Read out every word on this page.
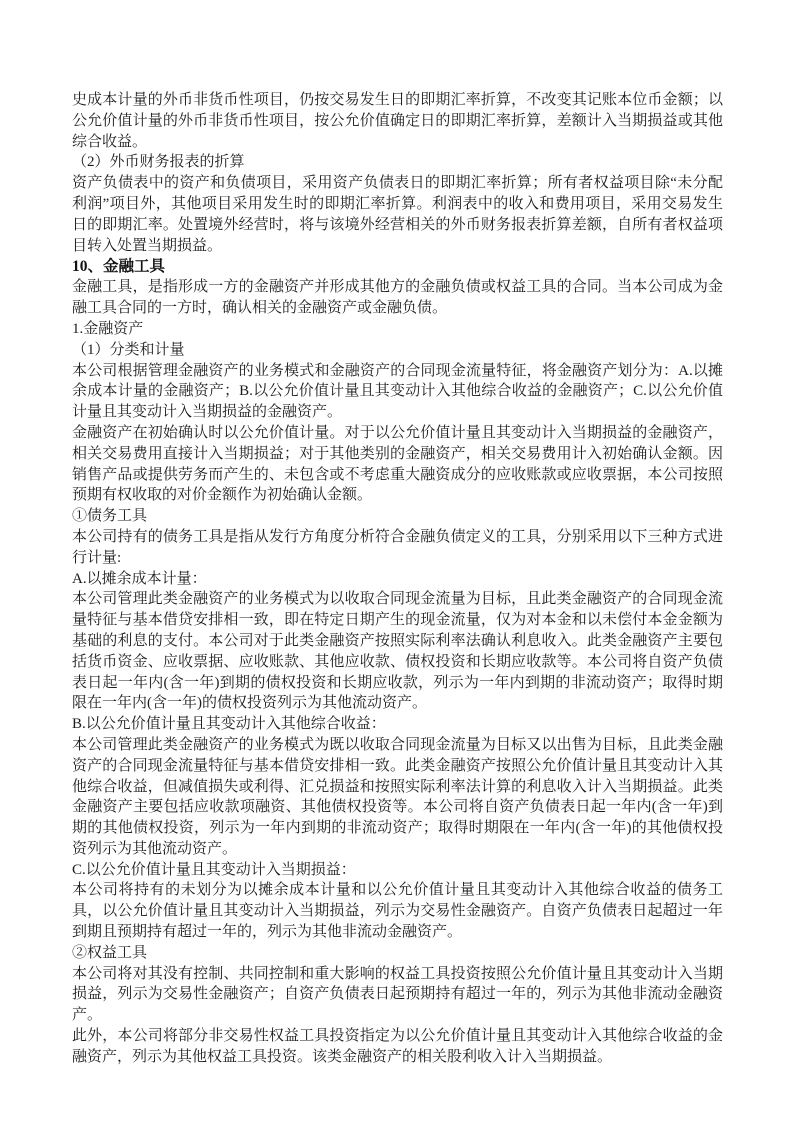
史成本计量的外币非货币性项目，仍按交易发生日的即期汇率折算，不改变其记账本位币金额；以公允价值计量的外币非货币性项目，按公允价值确定日的即期汇率折算，差额计入当期损益或其他综合收益。

（2）外币财务报表的折算

资产负债表中的资产和负债项目，采用资产负债表日的即期汇率折算；所有者权益项目除“未分配利润”项目外，其他项目采用发生时的即期汇率折算。利润表中的收入和费用项目，采用交易发生日的即期汇率。处置境外经营时，将与该境外经营相关的外币财务报表折算差额，自所有者权益项目转入处置当期损益。

10、金融工具

金融工具，是指形成一方的金融资产并形成其他方的金融负债或权益工具的合同。当本公司成为金融工具合同的一方时，确认相关的金融资产或金融负债。

1.金融资产

（1）分类和计量

本公司根据管理金融资产的业务模式和金融资产的合同现金流量特征，将金融资产划分为：A.以摊余成本计量的金融资产；B.以公允价值计量且其变动计入其他综合收益的金融资产；C.以公允价值计量且其变动计入当期损益的金融资产。

金融资产在初始确认时以公允价值计量。对于以公允价值计量且其变动计入当期损益的金融资产，相关交易费用直接计入当期损益；对于其他类别的金融资产，相关交易费用计入初始确认金额。因销售产品或提供劳务而产生的、未包含或不考虑重大融资成分的应收账款或应收票据，本公司按照预期有权收取的对价金额作为初始确认金额。

①债务工具

本公司持有的债务工具是指从发行方角度分析符合金融负债定义的工具，分别采用以下三种方式进行计量:

A.以摊余成本计量：

本公司管理此类金融资产的业务模式为以收取合同现金流量为目标，且此类金融资产的合同现金流量特征与基本借贷安排相一致，即在特定日期产生的现金流量，仅为对本金和以未偿付本金金额为基础的利息的支付。本公司对于此类金融资产按照实际利率法确认利息收入。此类金融资产主要包括货币资金、应收票据、应收账款、其他应收款、债权投资和长期应收款等。本公司将自资产负债表日起一年内(含一年)到期的债权投资和长期应收款，列示为一年内到期的非流动资产；取得时期限在一年内(含一年)的债权投资列示为其他流动资产。

B.以公允价值计量且其变动计入其他综合收益：

本公司管理此类金融资产的业务模式为既以收取合同现金流量为目标又以出售为目标，且此类金融资产的合同现金流量特征与基本借贷安排相一致。此类金融资产按照公允价值计量且其变动计入其他综合收益，但减值损失或利得、汇兑损益和按照实际利率法计算的利息收入计入当期损益。此类金融资产主要包括应收款项融资、其他债权投资等。本公司将自资产负债表日起一年内(含一年)到期的其他债权投资，列示为一年内到期的非流动资产；取得时期限在一年内(含一年)的其他债权投资列示为其他流动资产。

C.以公允价值计量且其变动计入当期损益：

本公司将持有的未划分为以摊余成本计量和以公允价值计量且其变动计入其他综合收益的债务工具，以公允价值计量且其变动计入当期损益，列示为交易性金融资产。自资产负债表日起超过一年到期且预期持有超过一年的，列示为其他非流动金融资产。

②权益工具

本公司将对其没有控制、共同控制和重大影响的权益工具投资按照公允价值计量且其变动计入当期损益，列示为交易性金融资产；自资产负债表日起预期持有超过一年的，列示为其他非流动金融资产。

此外，本公司将部分非交易性权益工具投资指定为以公允价值计量且其变动计入其他综合收益的金融资产，列示为其他权益工具投资。该类金融资产的相关股利收入计入当期损益。
